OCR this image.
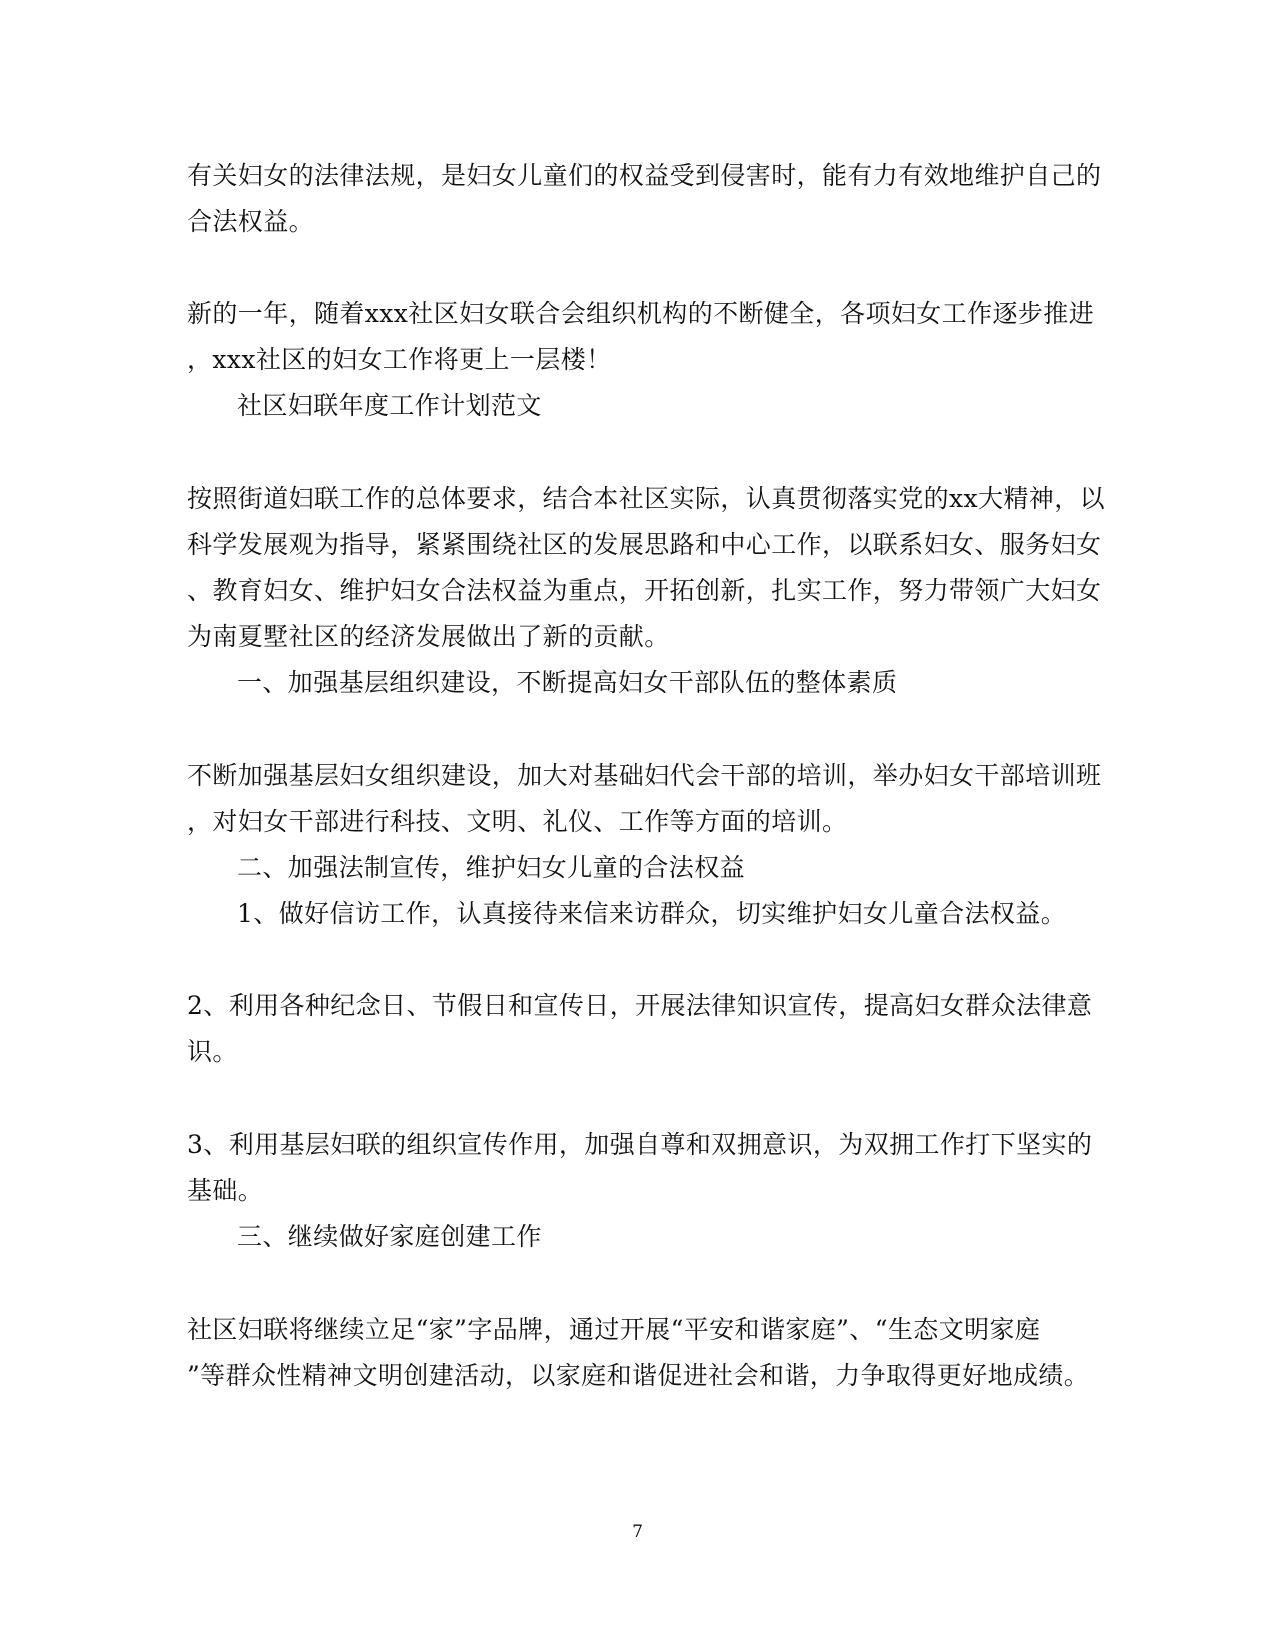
有关妇女的法律法规，是妇女儿童们的权益受到侵害时，能有力有效地维护自己的
合法权益。
新的一年，随着xxx社区妇女联合会组织机构的不断健全，各项妇女工作逐步推进
，xxx社区的妇女工作将更上一层楼！
社区妇联年度工作计划范文
按照街道妇联工作的总体要求，结合本社区实际，认真贯彻落实党的xx大精神，以
科学发展观为指导，紧紧围绕社区的发展思路和中心工作，以联系妇女、服务妇女
、教育妇女、维护妇女合法权益为重点，开拓创新，扎实工作，努力带领广大妇女
为南夏墅社区的经济发展做出了新的贡献。
一、加强基层组织建设，不断提高妇女干部队伍的整体素质
不断加强基层妇女组织建设，加大对基础妇代会干部的培训，举办妇女干部培训班
，对妇女干部进行科技、文明、礼仪、工作等方面的培训。
二、加强法制宣传，维护妇女儿童的合法权益
1、做好信访工作，认真接待来信来访群众，切实维护妇女儿童合法权益。
2、利用各种纪念日、节假日和宣传日，开展法律知识宣传，提高妇女群众法律意
识。
3、利用基层妇联的组织宣传作用，加强自尊和双拥意识，为双拥工作打下坚实的
基础。
三、继续做好家庭创建工作
社区妇联将继续立足“家”字品牌，通过开展“平安和谐家庭”、“生态文明家庭
”等群众性精神文明创建活动，以家庭和谐促进社会和谐，力争取得更好地成绩。
7
